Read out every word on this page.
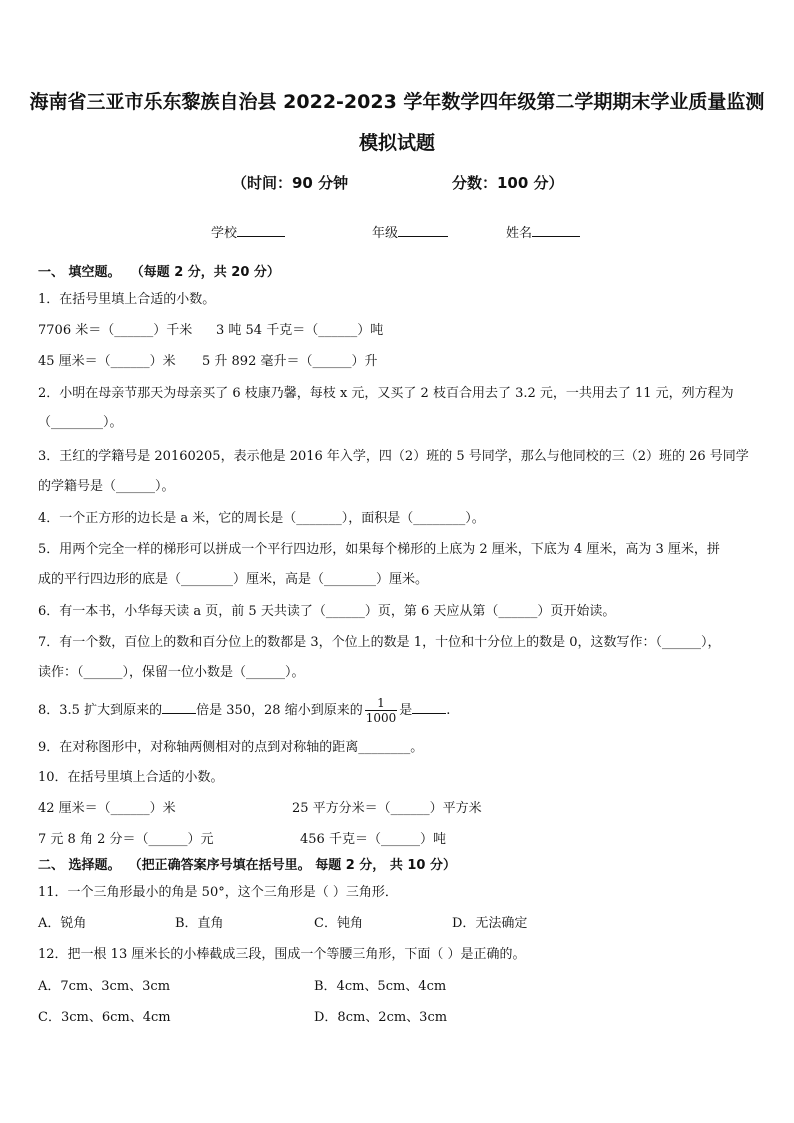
海南省三亚市乐东黎族自治县 2022-2023 学年数学四年级第二学期期末学业质量监测
模拟试题
（时间：90 分钟	分数：100 分）
学校	年级	姓名
一、 填空题。 （每题 2 分，共 20 分）
1．在括号里填上合适的小数。
7706 米＝（______）千米 3 吨 54 千克＝（______）吨
45 厘米＝（______）米 5 升 892 毫升＝（______）升
2．小明在母亲节那天为母亲买了 6 枝康乃馨，每枝 x 元，又买了 2 枝百合用去了 3.2 元，一共用去了 11 元，列方程为
（________）。
3．王红的学籍号是 20160205，表示他是 2016 年入学，四（2）班的 5 号同学，那么与他同校的三（2）班的 26 号同学
的学籍号是（______）。
4．一个正方形的边长是 a 米，它的周长是（_______），面积是（________）。
5．用两个完全一样的梯形可以拼成一个平行四边形，如果每个梯形的上底为 2 厘米，下底为 4 厘米，高为 3 厘米，拼
成的平行四边形的底是（________）厘米，高是（________）厘米。
6．有一本书，小华每天读 a 页，前 5 天共读了（______）页，第 6 天应从第（______）页开始读。
7．有一个数，百位上的数和百分位上的数都是 3，个位上的数是 1，十位和十分位上的数是 0，这数写作：（______），
读作：（______），保留一位小数是（______）。
8．3.5 扩大到原来的	倍是 350，28 缩小到原来的 $\frac{1}{1000}$ 是	.
9．在对称图形中，对称轴两侧相对的点到对称轴的距离________。
10．在括号里填上合适的小数。
42 厘米＝（______）米	25 平方分米＝（______）平方米
7 元 8 角 2 分＝（______）元	456 千克＝（______）吨
二、 选择题。 （把正确答案序号填在括号里。 每题 2 分， 共 10 分）
11．一个三角形最小的角是 50°，这个三角形是（ ）三角形．
A．锐角	B．直角	C．钝角	D．无法确定
12．把一根 13 厘米长的小棒截成三段，围成一个等腰三角形，下面（ ）是正确的。
A．7cm、3cm、3cm	B．4cm、5cm、4cm
C．3cm、6cm、4cm	D．8cm、2cm、3cm
